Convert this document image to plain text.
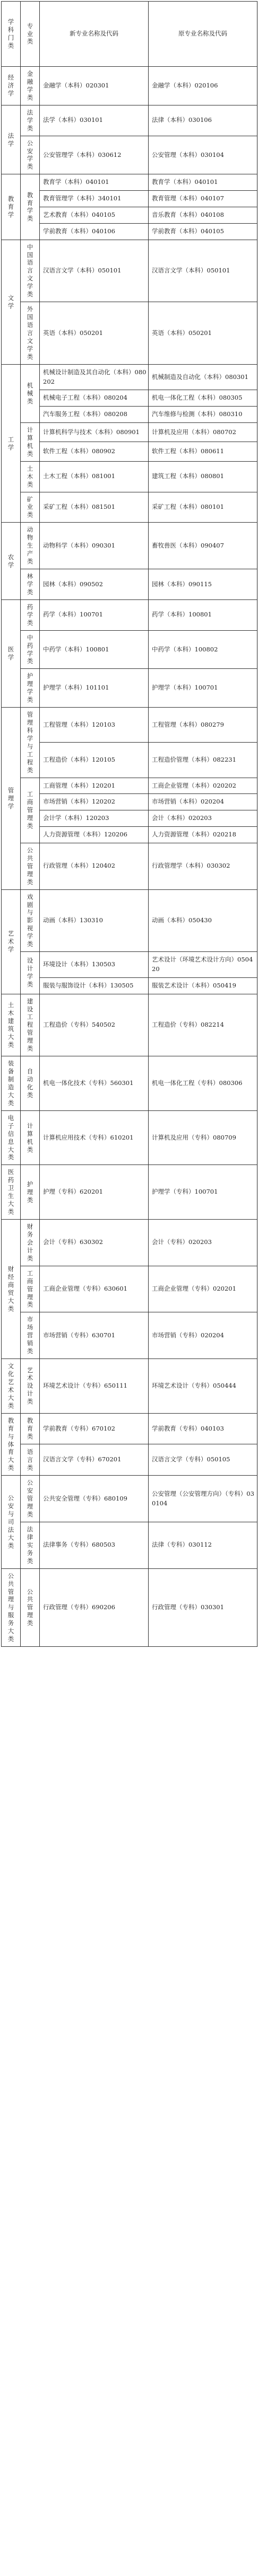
学科门类	专业类	新专业名称及代码	原专业名称及代码

经济学	金融学类	金融学（本科）020301	金融学（本科）020106

法学	法学类	法学（本科）030101	法律（本科）030106

	公安学类	公安管理学（本科）030612	公安管理（本科）030104

教育学	教育学类	教育学（本科）040101	教育学（本科）040101
		教育管理学（本科）340101	教育管理（本科）040107
		艺术教育（本科）040105	音乐教育（本科）040108
		学前教育（本科）040106	学前教育（本科）040105

文学	中国语言文学类	汉语言文学（本科）050101	汉语言文学（本科）050101

	外国语言文学类	英语（本科）050201	英语（本科）050201

工学	机械类	机械设计制造及其自动化（本科）080202	机械制造及自动化（本科）080301
		机械电子工程（本科）080204	机电一体化工程（本科）080305
		汽车服务工程（本科）080208	汽车维修与检测（本科）080310

	计算机类	计算机科学与技术（本科）080901	计算机及应用（本科）080702
		软件工程（本科）080902	软件工程（本科）080611

	土木类	土木工程（本科）081001	建筑工程（本科）080801

	矿业类	采矿工程（本科）081501	采矿工程（本科）080101

农学	动物生产类	动物科学（本科）090301	畜牧兽医（本科）090407

	林学类	园林（本科）090502	园林（本科）090115

医学	药学类	药学（本科）100701	药学（本科）100801

	中药学类	中药学（本科）100801	中药学（本科）100802

	护理学类	护理学（本科）101101	护理学（本科）100701

管理学	管理科学与工程类	工程管理（本科）120103	工程管理（本科）080279
		工程造价（本科）120105	工程造价管理（本科）082231

	工商管理类	工商管理（本科）120201	工商企业管理（本科）020202
		市场营销（本科）120202	市场营销（本科）020204
		会计学（本科）120203	会计（本科）020203
		人力资源管理（本科）120206	人力资源管理（本科）020218

	公共管理类	行政管理（本科）120402	行政管理学（本科）030302

艺术学	戏剧与影视学类	动画（本科）130310	动画（本科）050430

	设计学类	环境设计（本科）130503	艺术设计（环境艺术设计方向）050420
		服装与服饰设计（本科）130505	服装艺术设计（本科）050419

土木建筑大类	建设工程管理类	工程造价（专科）540502	工程造价（专科）082214

装备制造大类	自动化类	机电一体化技术（专科）560301	机电一体化工程（专科）080306

电子信息大类	计算机类	计算机应用技术（专科）610201	计算机及应用（专科）080709

医药卫生大类	护理类	护理（专科）620201	护理学（专科）100701

财经商贸大类	财务会计类	会计（专科）630302	会计（专科）020203

	工商管理类	工商企业管理（专科）630601	工商企业管理（专科）020201

	市场营销类	市场营销（专科）630701	市场营销（专科）020204

文化艺术大类	艺术设计类	环境艺术设计（专科）650111	环境艺术设计（专科）050444

教育与体育大类	教育类	学前教育（专科）670102	学前教育（专科）040103

	语言类	汉语言文学（专科）670201	汉语言文学（专科）050105

公安与司法大类	公安管理类	公共安全管理（专科）680109	公安管理（公安管理方向）（专科）030104

	法律实务类	法律事务（专科）680503	法律（专科）030112

公共管理与服务大类	公共管理类	行政管理（专科）690206	行政管理（专科）030301
